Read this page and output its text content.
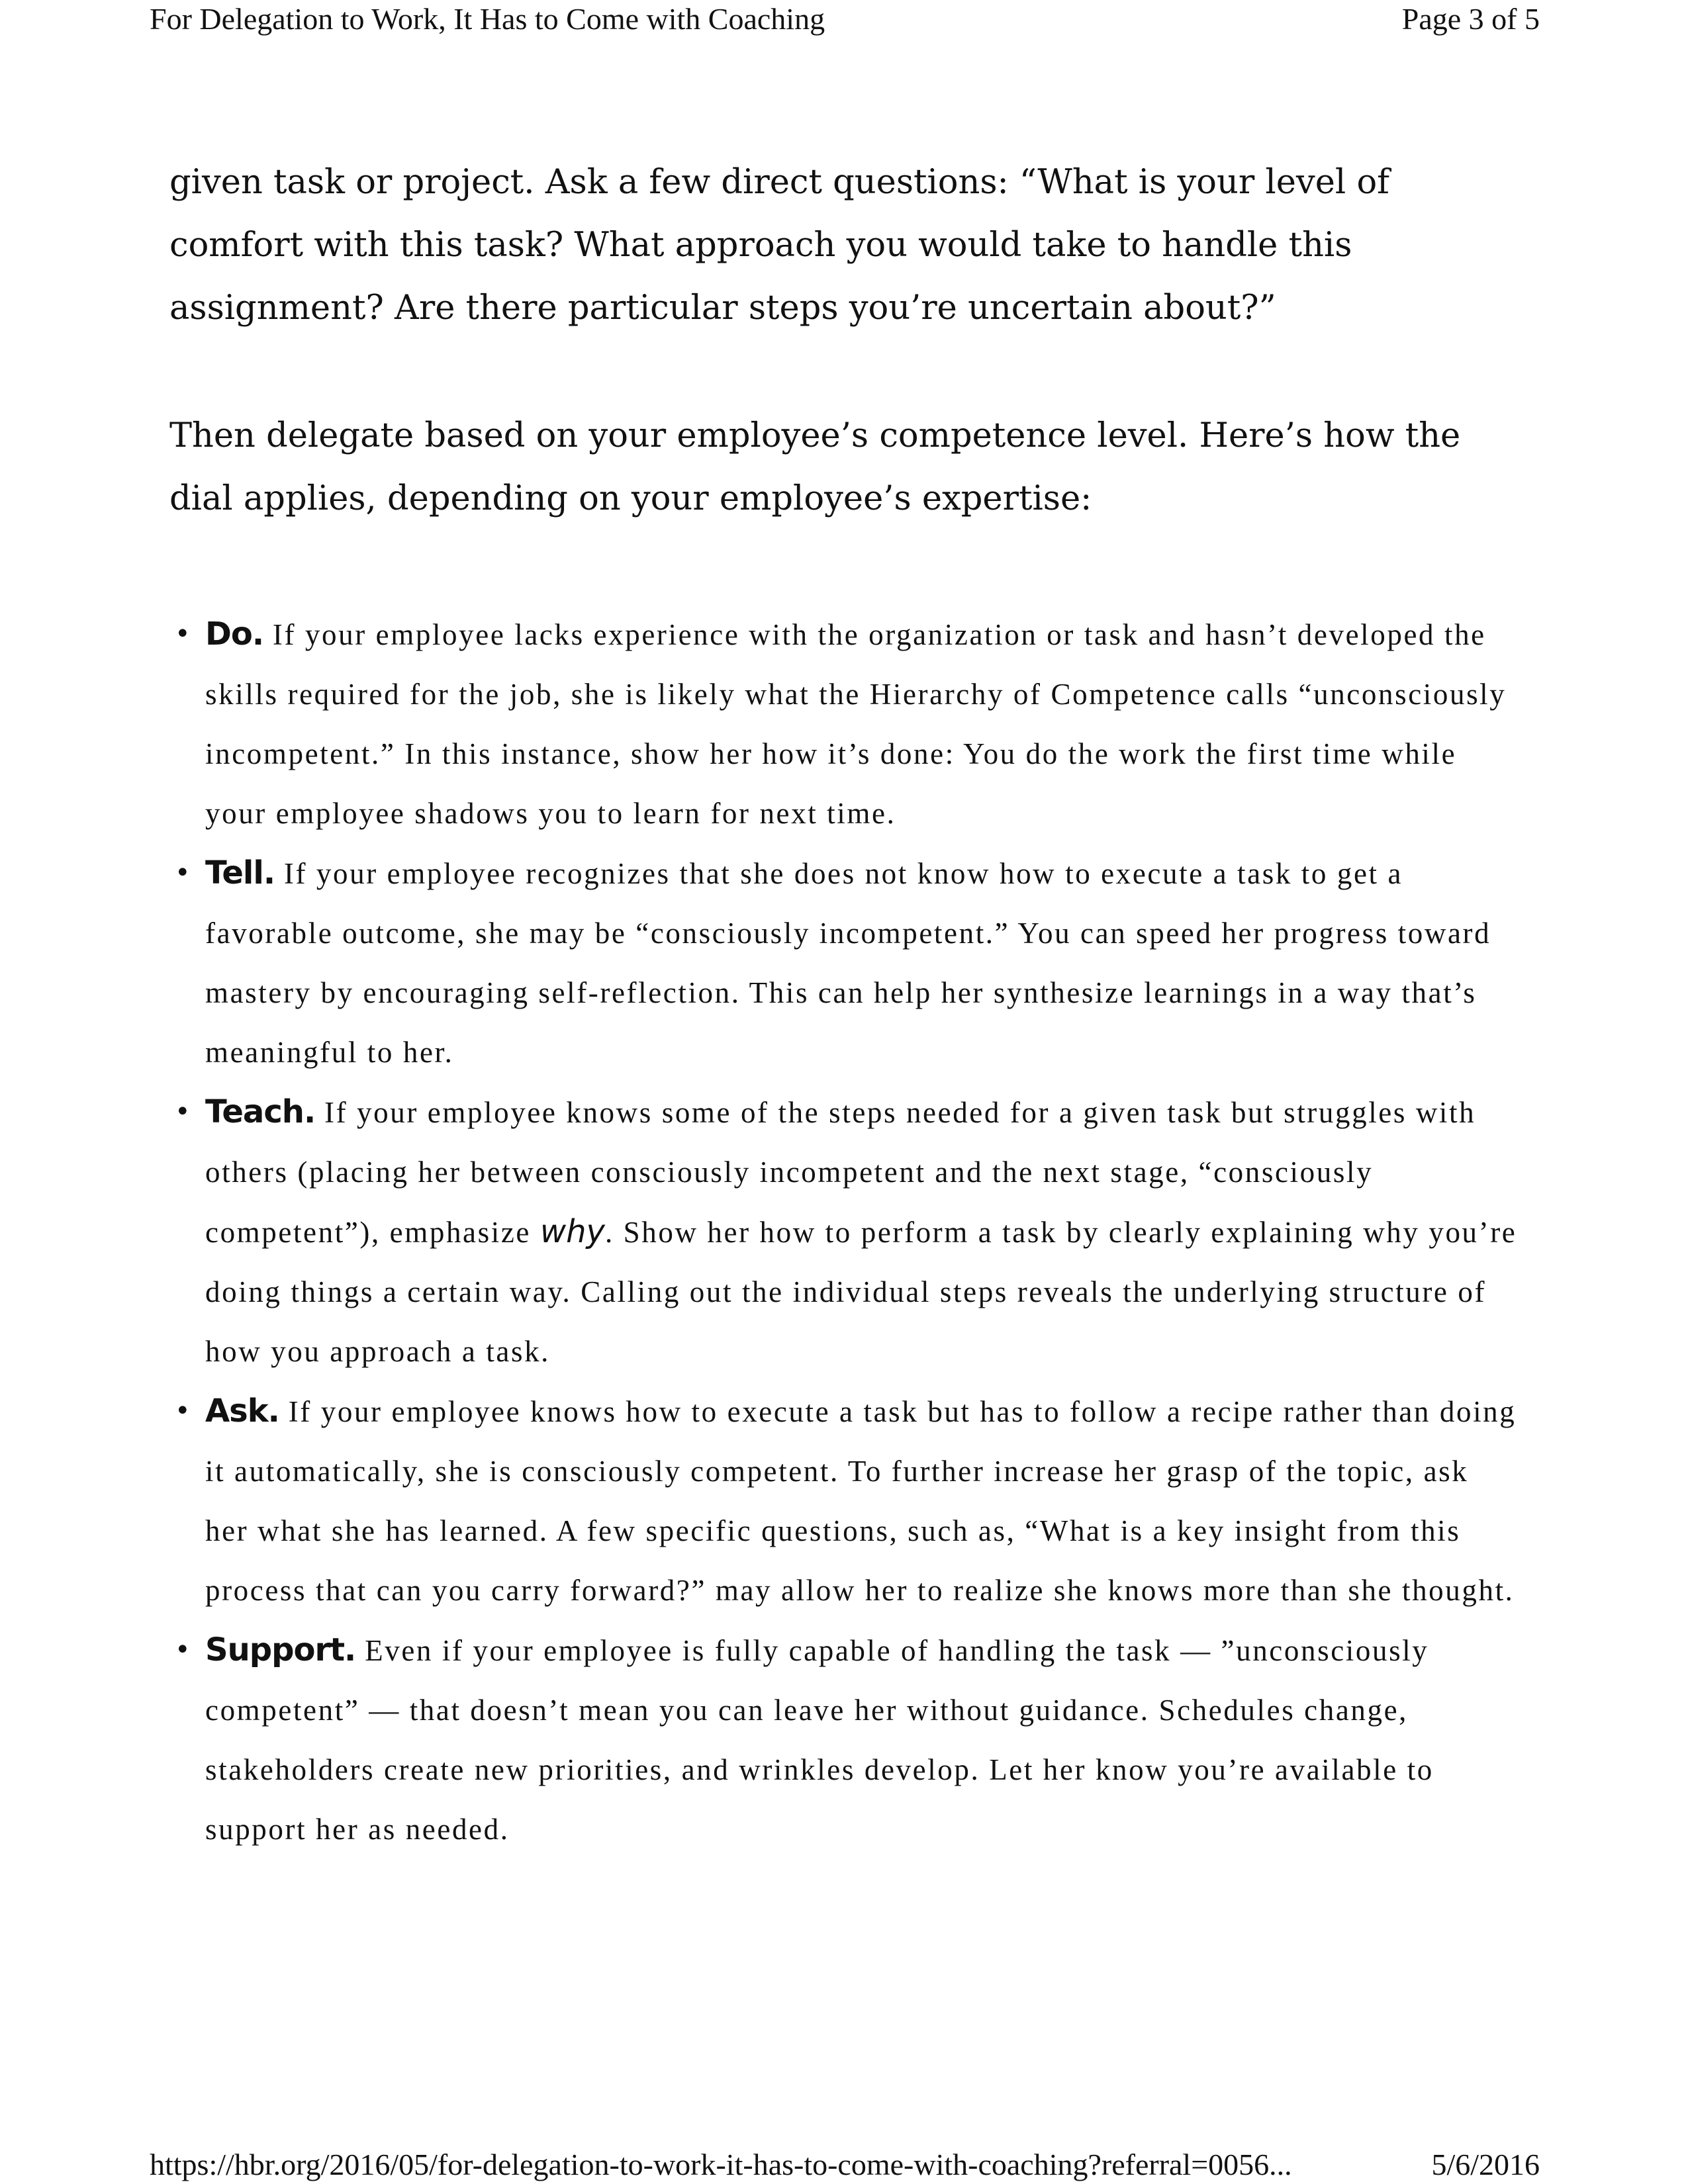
For Delegation to Work, It Has to Come with Coaching	Page 3 of 5

given task or project. Ask a few direct questions: “What is your level of comfort with this task? What approach you would take to handle this assignment? Are there particular steps you’re uncertain about?”

Then delegate based on your employee’s competence level. Here’s how the dial applies, depending on your employee’s expertise:

• Do. If your employee lacks experience with the organization or task and hasn’t developed the skills required for the job, she is likely what the Hierarchy of Competence calls “unconsciously incompetent.” In this instance, show her how it’s done: You do the work the first time while your employee shadows you to learn for next time.
• Tell. If your employee recognizes that she does not know how to execute a task to get a favorable outcome, she may be “consciously incompetent.” You can speed her progress toward mastery by encouraging self-reflection. This can help her synthesize learnings in a way that’s meaningful to her.
• Teach. If your employee knows some of the steps needed for a given task but struggles with others (placing her between consciously incompetent and the next stage, “consciously competent”), emphasize why. Show her how to perform a task by clearly explaining why you’re doing things a certain way. Calling out the individual steps reveals the underlying structure of how you approach a task.
• Ask. If your employee knows how to execute a task but has to follow a recipe rather than doing it automatically, she is consciously competent. To further increase her grasp of the topic, ask her what she has learned. A few specific questions, such as, “What is a key insight from this process that can you carry forward?” may allow her to realize she knows more than she thought.
• Support. Even if your employee is fully capable of handling the task — ”unconsciously competent” — that doesn’t mean you can leave her without guidance. Schedules change, stakeholders create new priorities, and wrinkles develop. Let her know you’re available to support her as needed.
https://hbr.org/2016/05/for-delegation-to-work-it-has-to-come-with-coaching?referral=0056...	5/6/2016
